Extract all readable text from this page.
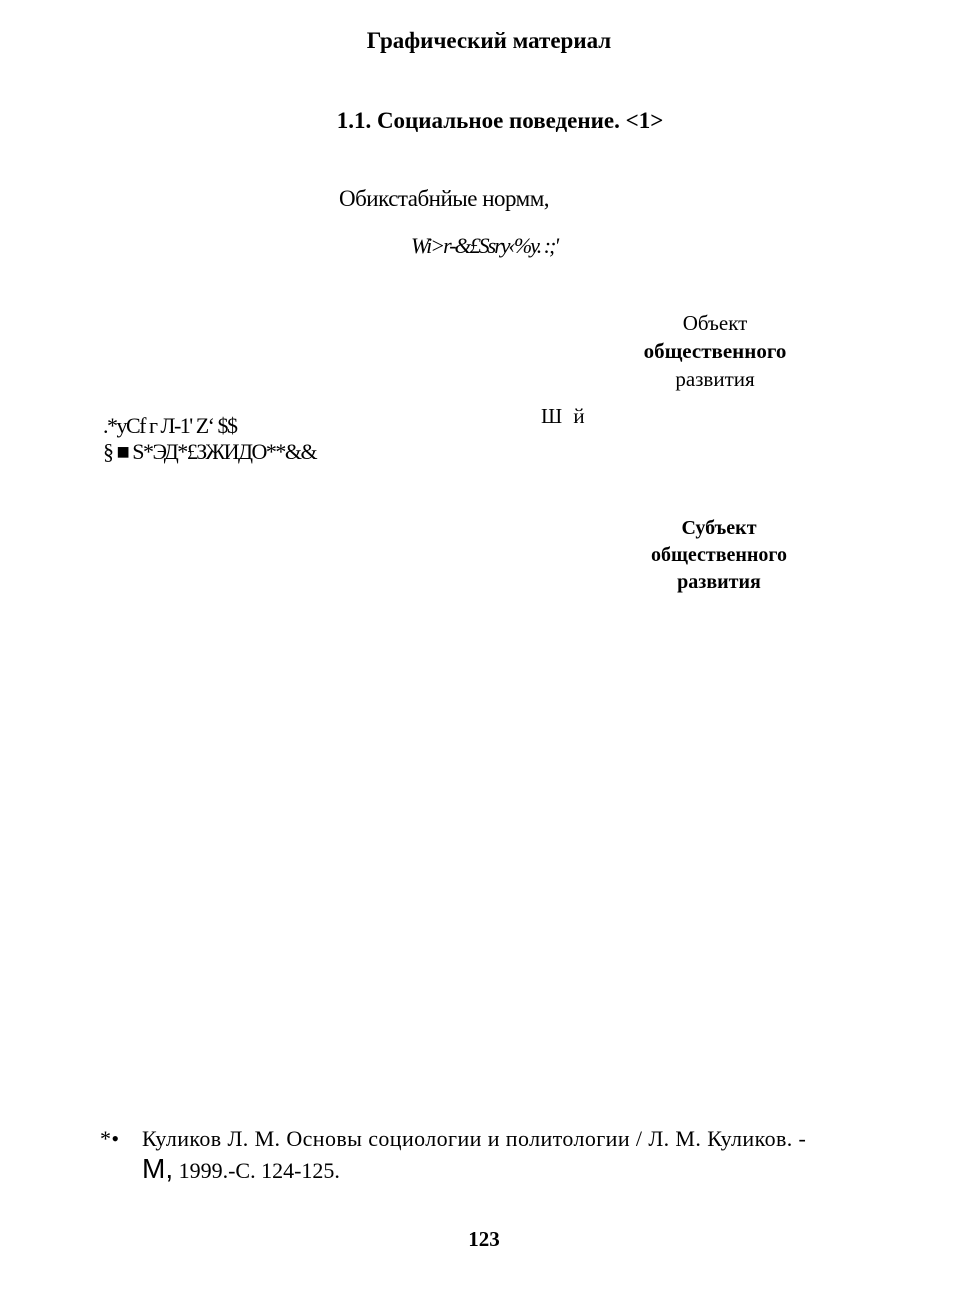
Графический материал
1.1. Социальное поведение. <1>
Обикстабнйые нормм,
Wi>r-&£Ssry‹%y. :;'
Объект
общественного
развития
Ш й
.*yCf г Л-1' Z‘ $$
§ ■ S*ЭД*£ЗЖИДО**&&
Субъект
общественного
развития
*• Куликов Л. М. Основы социологии и политологии / Л. М. Куликов. -
М, 1999.-С. 124-125.
123
